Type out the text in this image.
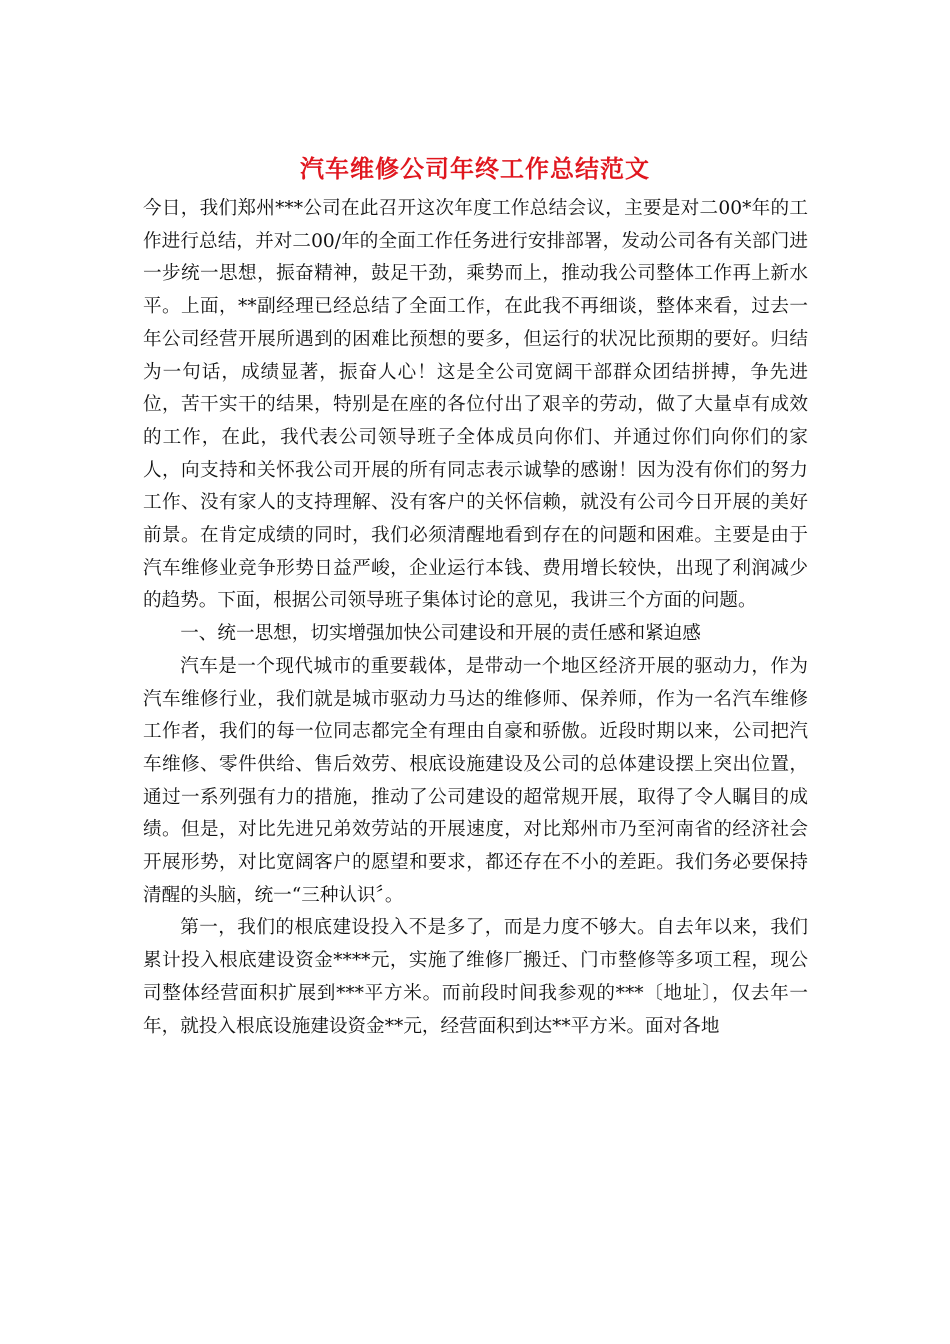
汽车维修公司年终工作总结范文

今日，我们郑州***公司在此召开这次年度工作总结会议，主要是对二00*年的工作进行总结，并对二00/年的全面工作任务进行安排部署，发动公司各有关部门进一步统一思想，振奋精神，鼓足干劲，乘势而上，推动我公司整体工作再上新水平。上面，**副经理已经总结了全面工作，在此我不再细谈，整体来看，过去一年公司经营开展所遇到的困难比预想的要多，但运行的状况比预期的要好。归结为一句话，成绩显著，振奋人心！这是全公司宽阔干部群众团结拼搏，争先进位，苦干实干的结果，特别是在座的各位付出了艰辛的劳动，做了大量卓有成效的工作，在此，我代表公司领导班子全体成员向你们、并通过你们向你们的家人，向支持和关怀我公司开展的所有同志表示诚挚的感谢！因为没有你们的努力工作、没有家人的支持理解、没有客户的关怀信赖，就没有公司今日开展的美好前景。在肯定成绩的同时，我们必须清醒地看到存在的问题和困难。主要是由于汽车维修业竞争形势日益严峻，企业运行本钱、费用增长较快，出现了利润减少的趋势。下面，根据公司领导班子集体讨论的意见，我讲三个方面的问题。

一、统一思想，切实增强加快公司建设和开展的责任感和紧迫感

汽车是一个现代城市的重要载体，是带动一个地区经济开展的驱动力，作为汽车维修行业，我们就是城市驱动力马达的维修师、保养师，作为一名汽车维修工作者，我们的每一位同志都完全有理由自豪和骄傲。近段时期以来，公司把汽车维修、零件供给、售后效劳、根底设施建设及公司的总体建设摆上突出位置，通过一系列强有力的措施，推动了公司建设的超常规开展，取得了令人瞩目的成绩。但是，对比先进兄弟效劳站的开展速度，对比郑州市乃至河南省的经济社会开展形势，对比宽阔客户的愿望和要求，都还存在不小的差距。我们务必要保持清醒的头脑，统一“三种认识〞。

第一，我们的根底建设投入不是多了，而是力度不够大。自去年以来，我们累计投入根底建设资金****元，实施了维修厂搬迁、门市整修等多项工程，现公司整体经营面积扩展到***平方米。而前段时间我参观的***〔地址〕，仅去年一年，就投入根底设施建设资金**元，经营面积到达**平方米。面对各地
